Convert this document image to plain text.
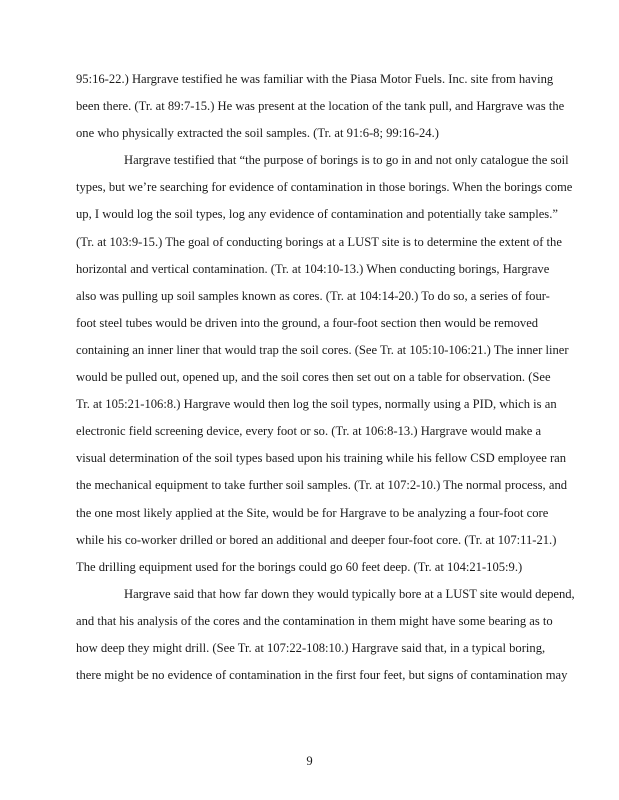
95:16-22.) Hargrave testified he was familiar with the Piasa Motor Fuels. Inc. site from having
been there. (Tr. at 89:7-15.) He was present at the location of the tank pull, and Hargrave was the
one who physically extracted the soil samples. (Tr. at 91:6-8; 99:16-24.)

Hargrave testified that “the purpose of borings is to go in and not only catalogue the soil
types, but we’re searching for evidence of contamination in those borings. When the borings come
up, I would log the soil types, log any evidence of contamination and potentially take samples.”
(Tr. at 103:9-15.) The goal of conducting borings at a LUST site is to determine the extent of the
horizontal and vertical contamination. (Tr. at 104:10-13.) When conducting borings, Hargrave
also was pulling up soil samples known as cores. (Tr. at 104:14-20.) To do so, a series of four-
foot steel tubes would be driven into the ground, a four-foot section then would be removed
containing an inner liner that would trap the soil cores. (See Tr. at 105:10-106:21.) The inner liner
would be pulled out, opened up, and the soil cores then set out on a table for observation. (See
Tr. at 105:21-106:8.) Hargrave would then log the soil types, normally using a PID, which is an
electronic field screening device, every foot or so. (Tr. at 106:8-13.) Hargrave would make a
visual determination of the soil types based upon his training while his fellow CSD employee ran
the mechanical equipment to take further soil samples. (Tr. at 107:2-10.) The normal process, and
the one most likely applied at the Site, would be for Hargrave to be analyzing a four-foot core
while his co-worker drilled or bored an additional and deeper four-foot core. (Tr. at 107:11-21.)
The drilling equipment used for the borings could go 60 feet deep. (Tr. at 104:21-105:9.)

Hargrave said that how far down they would typically bore at a LUST site would depend,
and that his analysis of the cores and the contamination in them might have some bearing as to
how deep they might drill. (See Tr. at 107:22-108:10.) Hargrave said that, in a typical boring,
there might be no evidence of contamination in the first four feet, but signs of contamination may

9
